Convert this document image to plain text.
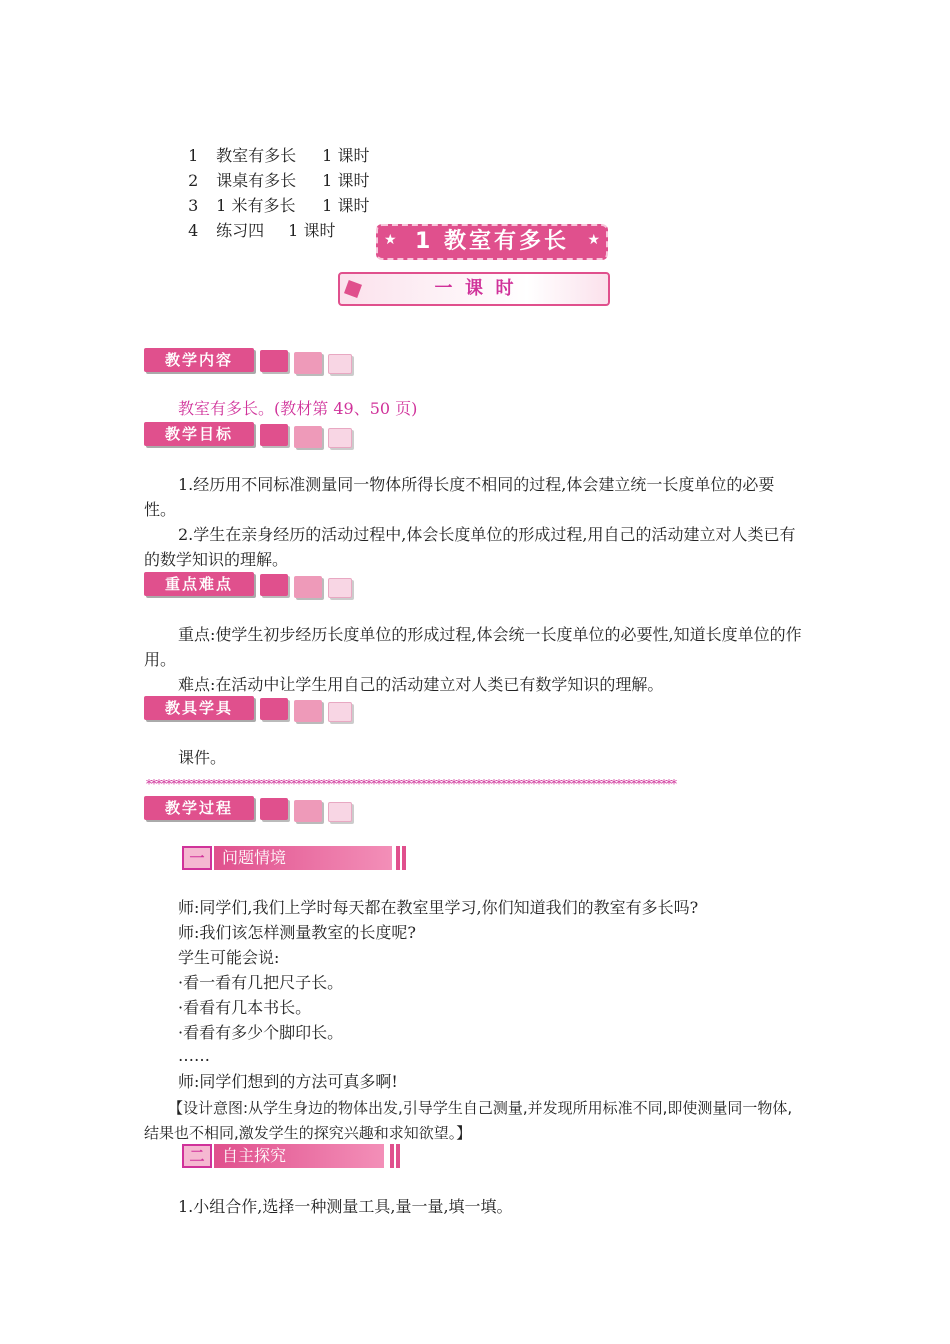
1 教室有多长 1 课时

2 课桌有多长 1 课时

3 1 米有多长 1 课时

4 练习四 1 课时	★ 1 教室有多长 ★
一  课  时
教学内容
教室有多长。(教材第 49、50 页)
教学目标
1.经历用不同标准测量同一物体所得长度不相同的过程,体会建立统一长度单位的必要性。
2.学生在亲身经历的活动过程中,体会长度单位的形成过程,用自己的活动建立对人类已有的数学知识的理解。
重点难点
重点:使学生初步经历长度单位的形成过程,体会统一长度单位的必要性,知道长度单位的作用。
难点:在活动中让学生用自己的活动建立对人类已有数学知识的理解。
教具学具
课件。
**********************************************************************************************************
教学过程
一	问题情境
师:同学们,我们上学时每天都在教室里学习,你们知道我们的教室有多长吗?
师:我们该怎样测量教室的长度呢?
学生可能会说:
·看一看有几把尺子长。
·看看有几本书长。
·看看有多少个脚印长。
……
师:同学们想到的方法可真多啊!
【设计意图:从学生身边的物体出发,引导学生自己测量,并发现所用标准不同,即使测量同一物体,结果也不相同,激发学生的探究兴趣和求知欲望。】
二	自主探究
1.小组合作,选择一种测量工具,量一量,填一填。
